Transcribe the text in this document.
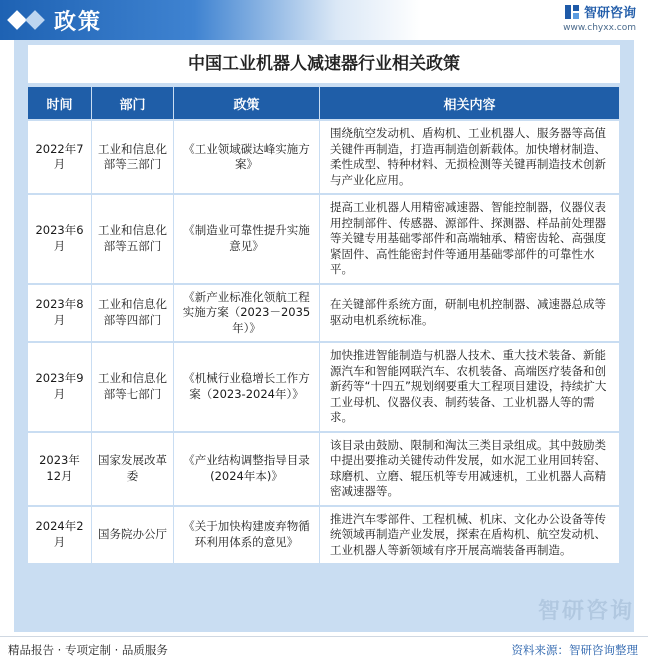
政策	智研咨询
www.chyxx.com
中国工业机器人减速器行业相关政策
时间	部门	政策	相关内容
2022年7月	工业和信息化部等三部门	《工业领域碳达峰实施方案》	围绕航空发动机、盾构机、工业机器人、服务器等高值关键件再制造，打造再制造创新载体。加快增材制造、柔性成型、特种材料、无损检测等关键再制造技术创新与产业化应用。
2023年6月	工业和信息化部等五部门	《制造业可靠性提升实施意见》	提高工业机器人用精密减速器、智能控制器，仪器仪表用控制部件、传感器、源部件、探测器、样品前处理器等关键专用基础零部件和高端轴承、精密齿轮、高强度紧固件、高性能密封件等通用基础零部件的可靠性水平。
2023年8月	工业和信息化部等四部门	《新产业标准化领航工程实施方案（2023－2035年）》	在关键部件系统方面，研制电机控制器、减速器总成等驱动电机系统标准。
2023年9月	工业和信息化部等七部门	《机械行业稳增长工作方案（2023-2024年）》	加快推进智能制造与机器人技术、重大技术装备、新能源汽车和智能网联汽车、农机装备、高端医疗装备和创新药等“十四五”规划纲要重大工程项目建设，持续扩大工业母机、仪器仪表、制药装备、工业机器人等的需求。
2023年12月	国家发展改革委	《产业结构调整指导目录(2024年本)》	该目录由鼓励、限制和淘汰三类目录组成。其中鼓励类中提出要推动关键传动件发展，如水泥工业用回转窑、球磨机、立磨、辊压机等专用减速机，工业机器人高精密减速器等。
2024年2月	国务院办公厅	《关于加快构建废弃物循环利用体系的意见》	推进汽车零部件、工程机械、机床、文化办公设备等传统领域再制造产业发展，探索在盾构机、航空发动机、工业机器人等新领域有序开展高端装备再制造。
智研咨询
精品报告 · 专项定制 · 品质服务	资料来源：智研咨询整理
